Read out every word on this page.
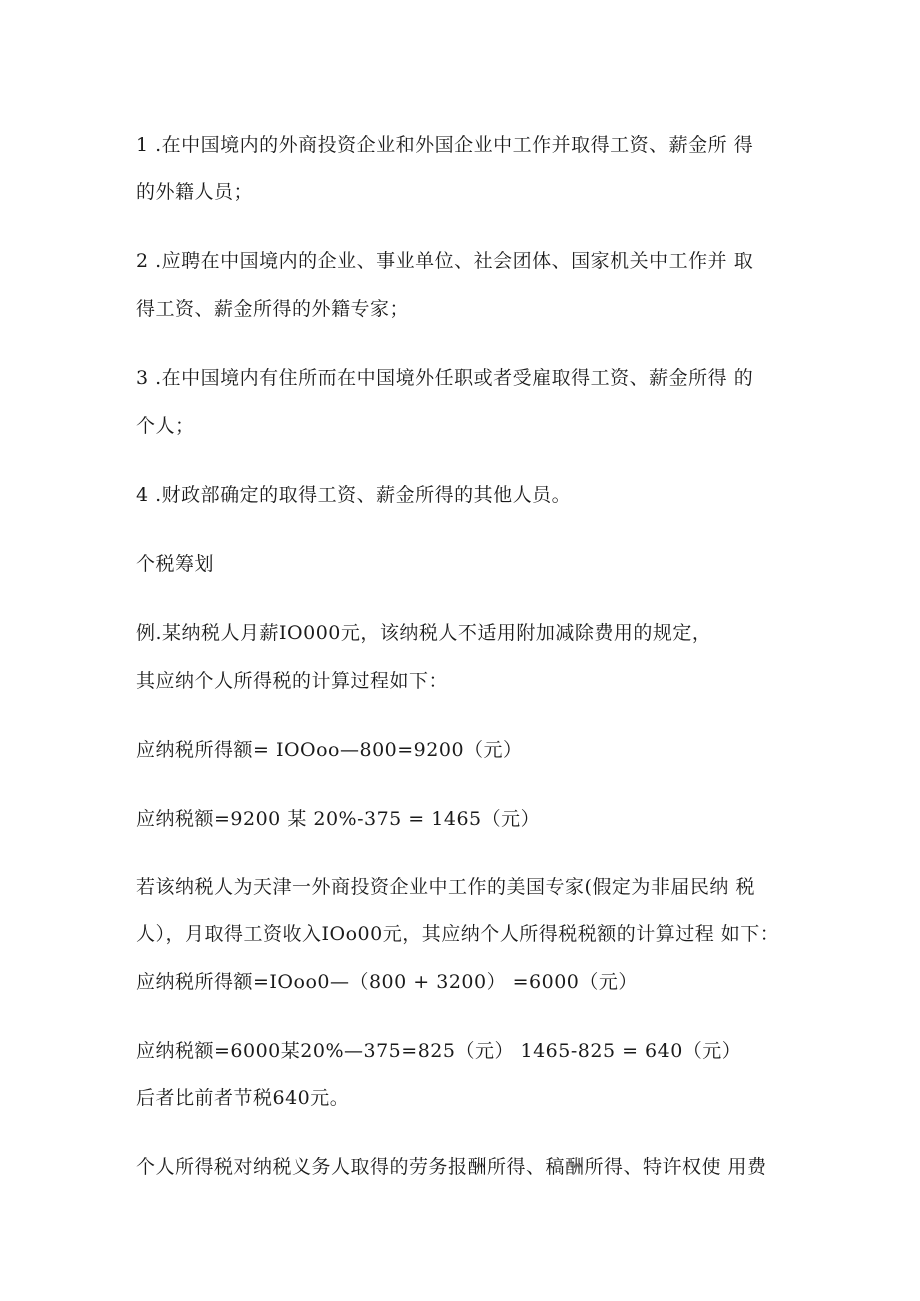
1 .在中国境内的外商投资企业和外国企业中工作并取得工资、薪金所 得
的外籍人员；
2 .应聘在中国境内的企业、事业单位、社会团体、国家机关中工作并 取
得工资、薪金所得的外籍专家；
3 .在中国境内有住所而在中国境外任职或者受雇取得工资、薪金所得 的
个人；
4 .财政部确定的取得工资、薪金所得的其他人员。
个税筹划
例.某纳税人月薪IO000元，该纳税人不适用附加减除费用的规定，
其应纳个人所得税的计算过程如下：
应纳税所得额= IOOoo—800=9200（元）
应纳税额=9200 某 20%-375 = 1465（元）
若该纳税人为天津一外商投资企业中工作的美国专家(假定为非届民纳 税
人），月取得工资收入IOo00元，其应纳个人所得税税额的计算过程 如下：
应纳税所得额=IOoo0—（800 + 3200） =6000（元）
应纳税额=6000某20%—375=825（元） 1465-825 = 640（元）
后者比前者节税640元。
个人所得税对纳税义务人取得的劳务报酬所得、稿酬所得、特许权使 用费
